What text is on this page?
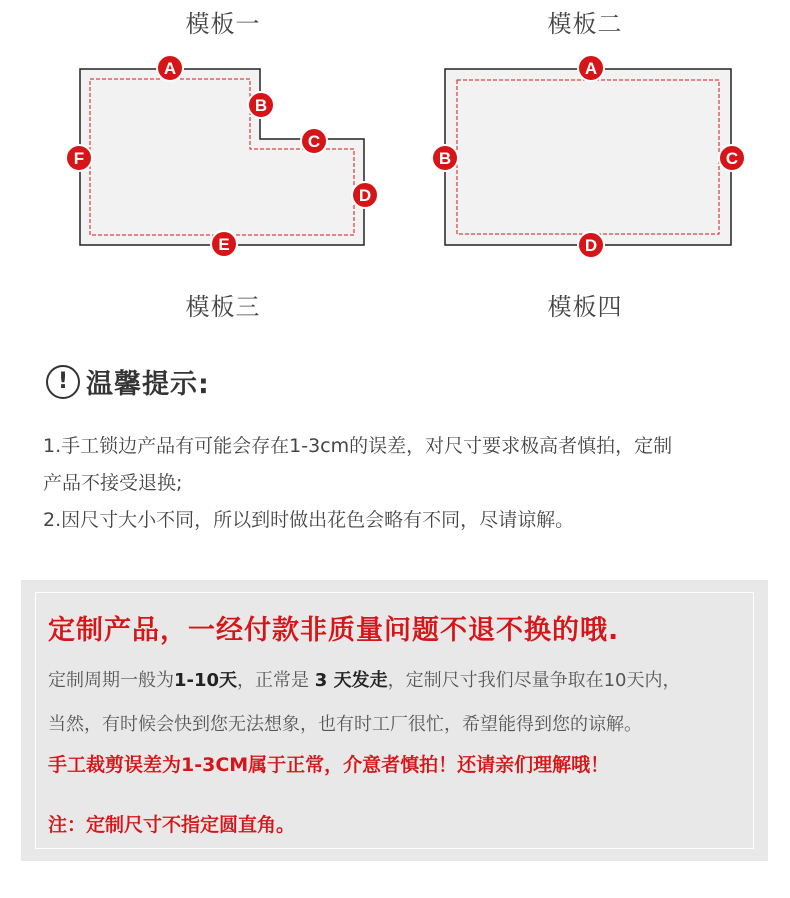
模板一	模板二
模板三	模板四
A
B
C
D
E
F
A
B	C
D
! 温馨提示:
1.手工锁边产品有可能会存在1-3cm的误差，对尺寸要求极高者慎拍，定制
产品不接受退换;
2.因尺寸大小不同，所以到时做出花色会略有不同，尽请谅解。
定制产品，一经付款非质量问题不退不换的哦.
定制周期一般为1-10天，正常是 3 天发走，定制尺寸我们尽量争取在10天内，
当然，有时候会快到您无法想象，也有时工厂很忙，希望能得到您的谅解。
手工裁剪误差为1-3CM属于正常，介意者慎拍！还请亲们理解哦！
注：定制尺寸不指定圆直角。
